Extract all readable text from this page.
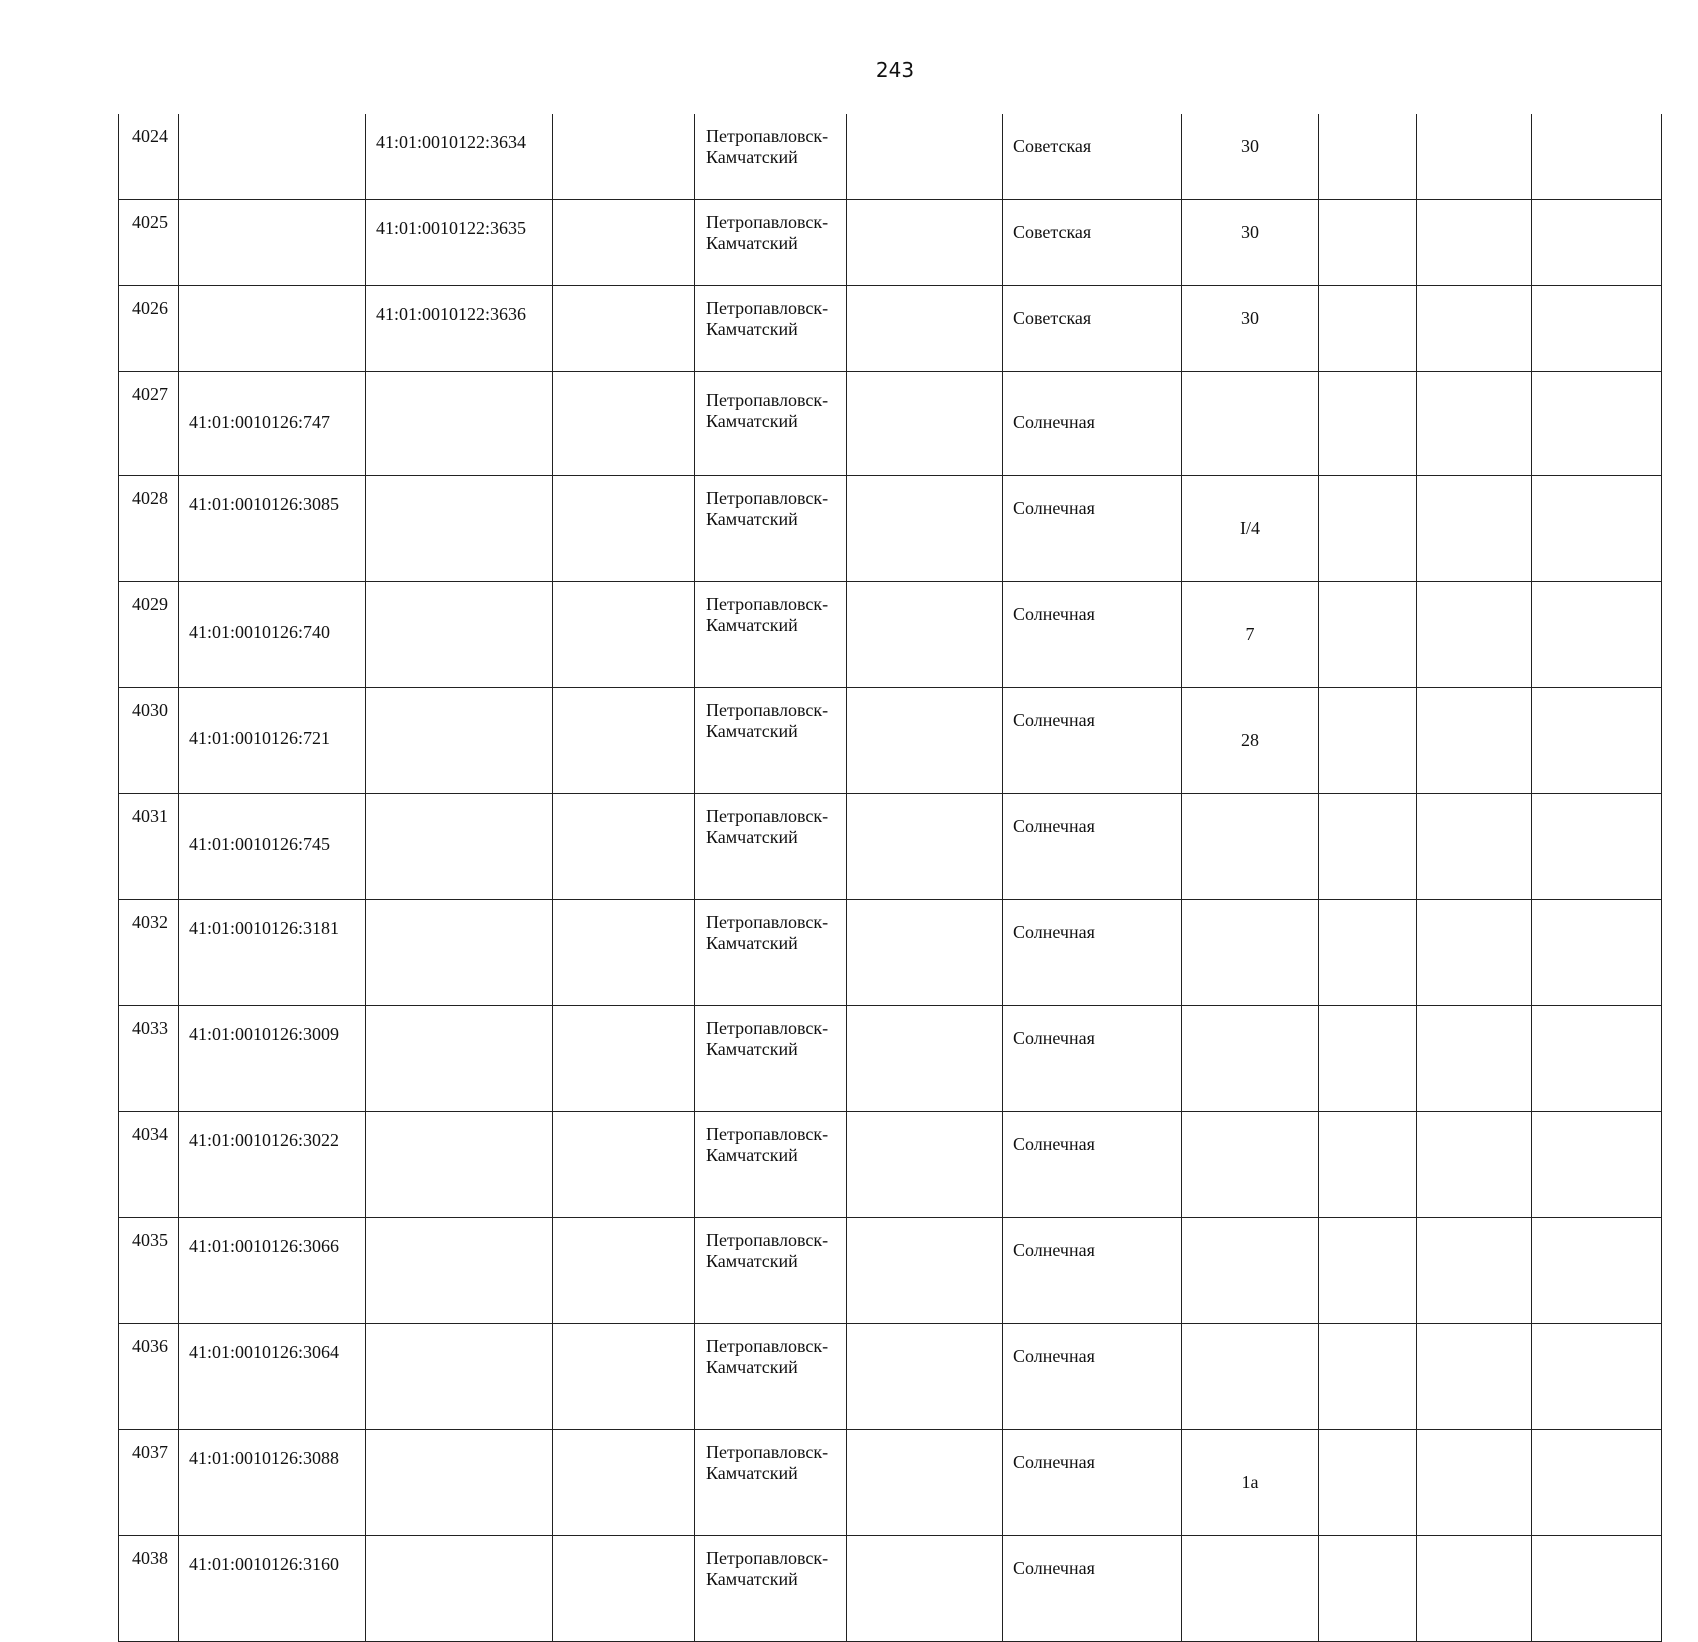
243
4024		41:01:0010122:3634		Петропавловск-Камчатский		Советская	30			
4025		41:01:0010122:3635		Петропавловск-Камчатский		Советская	30			
4026		41:01:0010122:3636		Петропавловск-Камчатский		Советская	30			
4027	41:01:0010126:747			Петропавловск-Камчатский		Солнечная				
4028	41:01:0010126:3085			Петропавловск-Камчатский		Солнечная	I/4			
4029	41:01:0010126:740			Петропавловск-Камчатский		Солнечная	7			
4030	41:01:0010126:721			Петропавловск-Камчатский		Солнечная	28			
4031	41:01:0010126:745			Петропавловск-Камчатский		Солнечная				
4032	41:01:0010126:3181			Петропавловск-Камчатский		Солнечная				
4033	41:01:0010126:3009			Петропавловск-Камчатский		Солнечная				
4034	41:01:0010126:3022			Петропавловск-Камчатский		Солнечная				
4035	41:01:0010126:3066			Петропавловск-Камчатский		Солнечная				
4036	41:01:0010126:3064			Петропавловск-Камчатский		Солнечная				
4037	41:01:0010126:3088			Петропавловск-Камчатский		Солнечная	1а			
4038	41:01:0010126:3160			Петропавловск-Камчатский		Солнечная				
